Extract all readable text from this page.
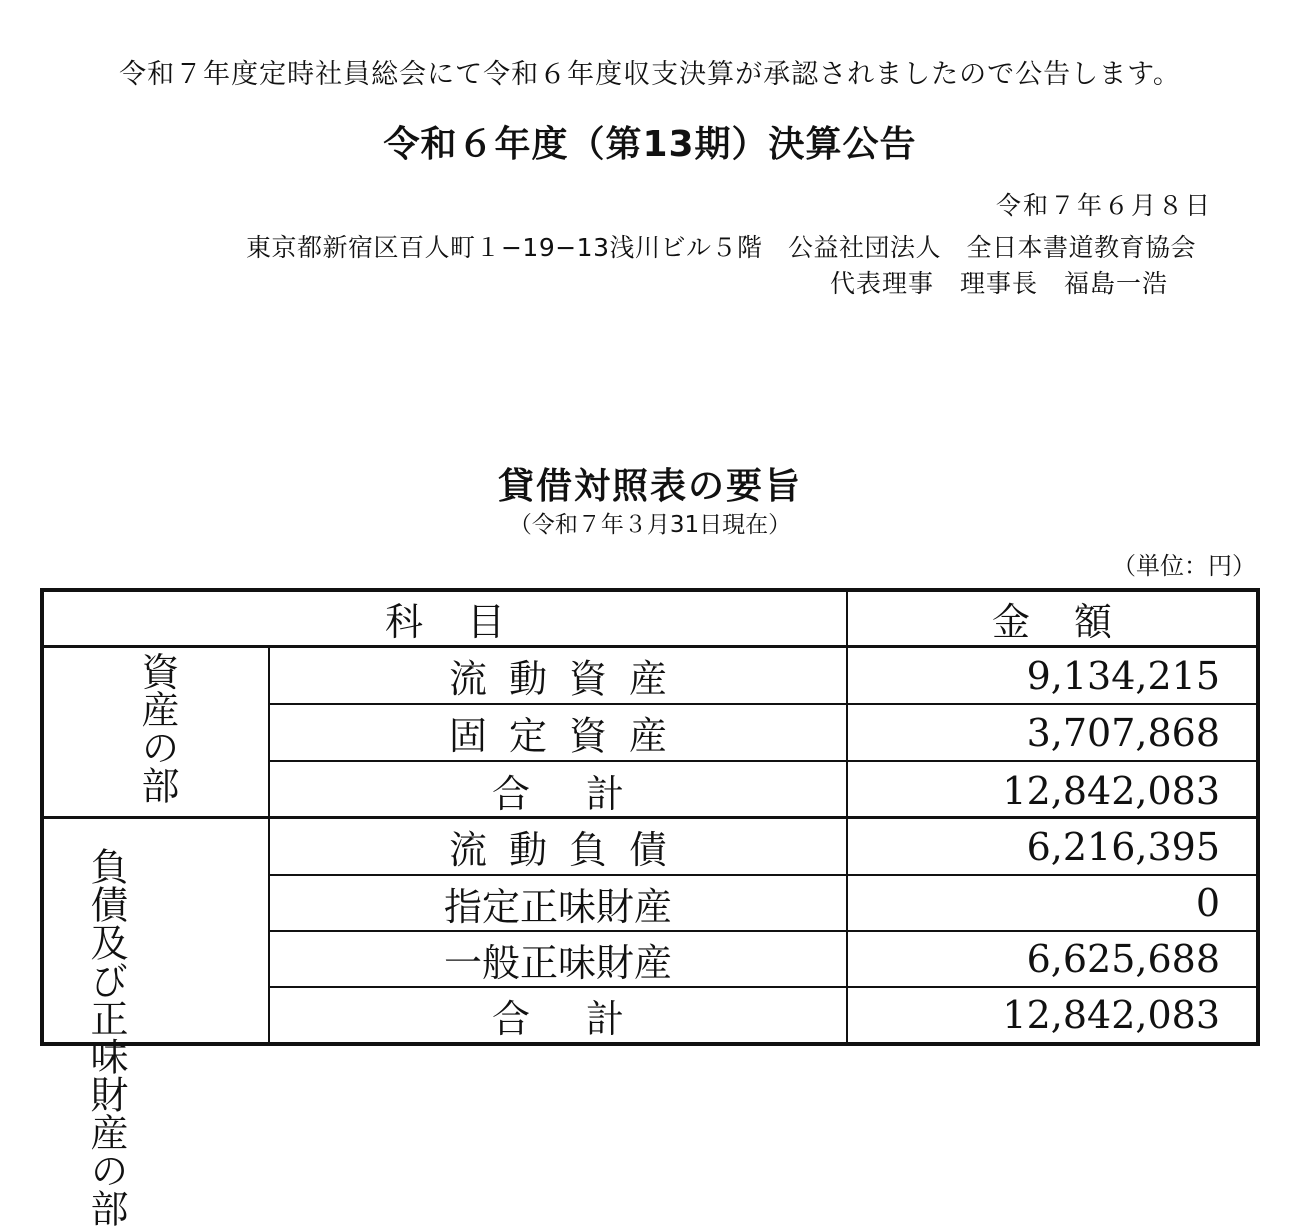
令和７年度定時社員総会にて令和６年度収支決算が承認されましたので公告します。
令和６年度（第13期）決算公告
令和７年６月８日
東京都新宿区百人町１−19−13浅川ビル５階　公益社団法人　全日本書道教育協会
代表理事　理事長　福島一浩
貸借対照表の要旨
（令和７年３月31日現在）
（単位：円）
科目	金額
資産の部	流動資産	9,134,215
固定資産	3,707,868
合計	12,842,083
負債及び正味財産の部	流動負債	6,216,395
指定正味財産	0
一般正味財産	6,625,688
合計	12,842,083
